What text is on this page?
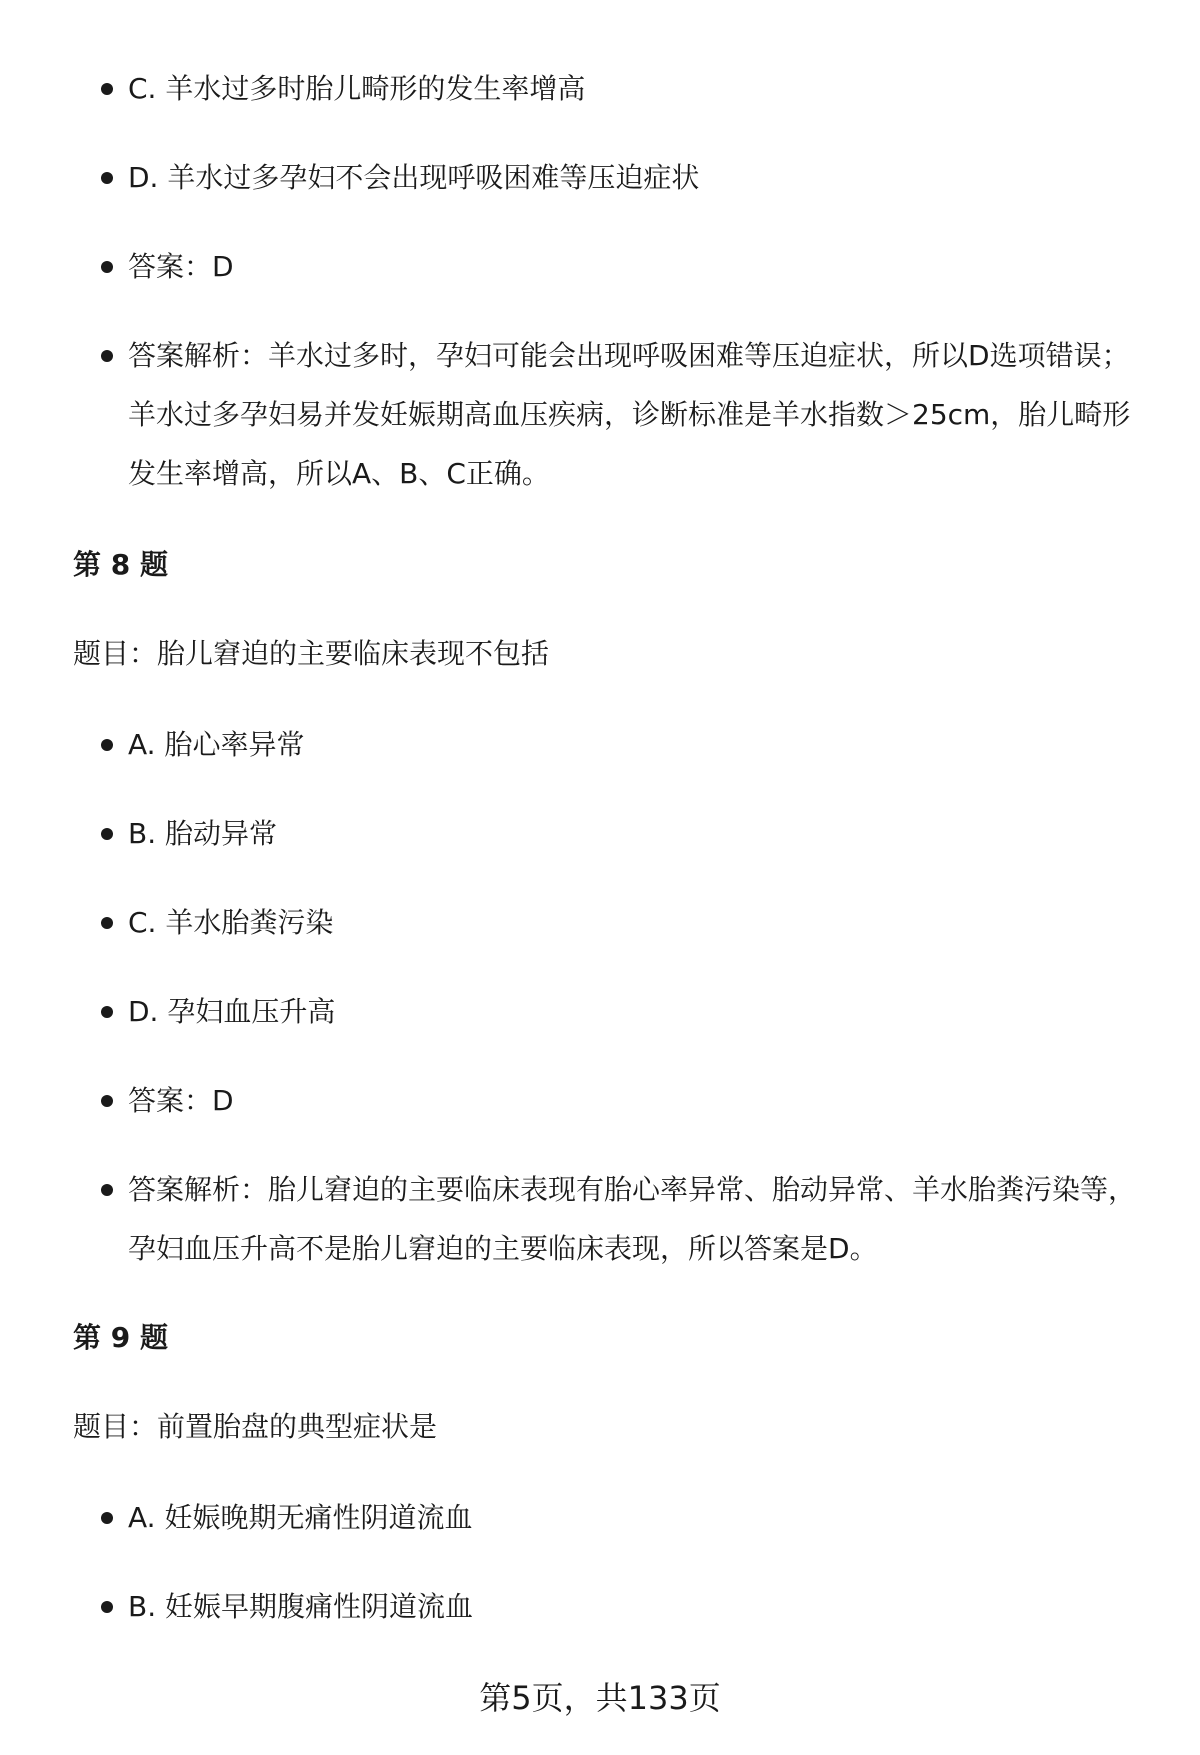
C. 羊水过多时胎儿畸形的发生率增高
D. 羊水过多孕妇不会出现呼吸困难等压迫症状
答案：D
答案解析：羊水过多时，孕妇可能会出现呼吸困难等压迫症状，所以D选项错误；羊水过多孕妇易并发妊娠期高血压疾病，诊断标准是羊水指数＞25cm，胎儿畸形发生率增高，所以A、B、C正确。
第 8 题
题目：胎儿窘迫的主要临床表现不包括
A. 胎心率异常
B. 胎动异常
C. 羊水胎粪污染
D. 孕妇血压升高
答案：D
答案解析：胎儿窘迫的主要临床表现有胎心率异常、胎动异常、羊水胎粪污染等，孕妇血压升高不是胎儿窘迫的主要临床表现，所以答案是D。
第 9 题
题目：前置胎盘的典型症状是
A. 妊娠晚期无痛性阴道流血
B. 妊娠早期腹痛性阴道流血
第5页，共133页
